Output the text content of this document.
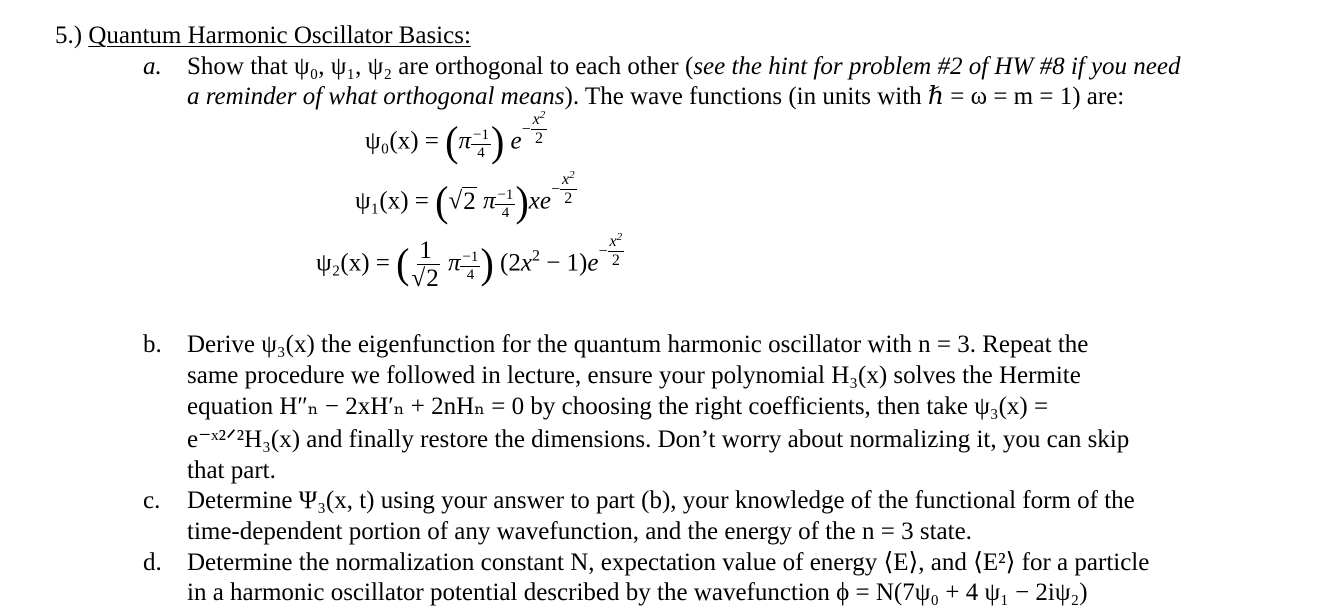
5.) Quantum Harmonic Oscillator Basics:
a. Show that ψ₀, ψ₁, ψ₂ are orthogonal to each other (see the hint for problem #2 of HW #8 if you need
a reminder of what orthogonal means). The wave functions (in units with ℏ = ω = m = 1) are:
$\psi_0(x) = (\pi \frac{-1}{4}$ ) $e- \frac{x^2}{2}$
ψ₁(x) = (√2 π $\frac{-1}{4} )xe- \frac{x^2}{2}$
ψ₂(x) = ( $\frac{1}{√2}$ π $\frac{-1}{4}$ ) $(2x^2 - 1)e- \frac{x^2}{2}$
b. Derive ψ₃(x) the eigenfunction for the quantum harmonic oscillator with n = 3. Repeat the
same procedure we followed in lecture, ensure your polynomial H₃(x) solves the Hermite
equation H″ₙ − 2xH′ₙ + 2nHₙ = 0 by choosing the right coefficients, then take ψ₃(x) =
e⁻ˣ²ᐟ²H₃(x) and finally restore the dimensions. Don’t worry about normalizing it, you can skip
that part.
c. Determine Ψ₃(x, t) using your answer to part (b), your knowledge of the functional form of the
time-dependent portion of any wavefunction, and the energy of the n = 3 state.
d. Determine the normalization constant N, expectation value of energy ⟨E⟩, and ⟨E²⟩ for a particle
in a harmonic oscillator potential described by the wavefunction ϕ = N(7ψ₀ + 4 ψ₁ − 2iψ₂)
